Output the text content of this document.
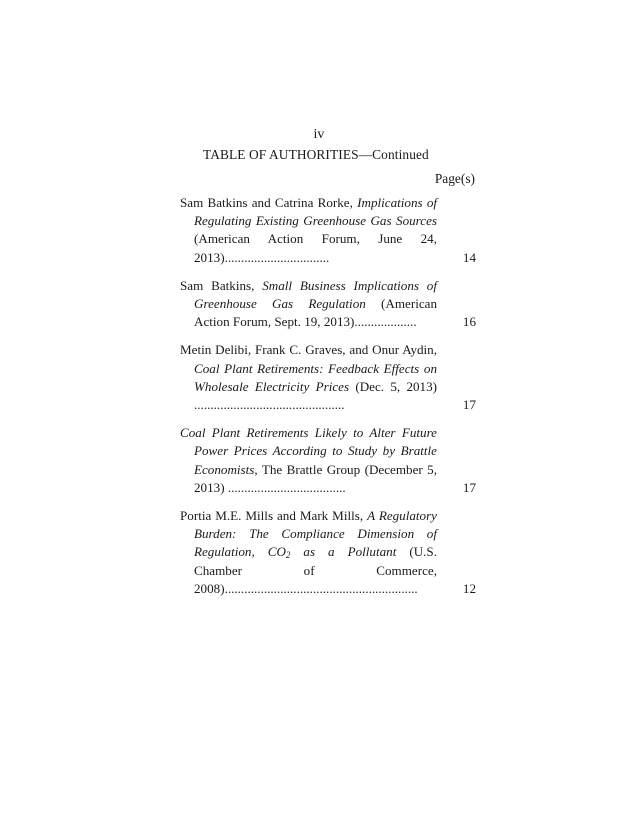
iv
TABLE OF AUTHORITIES—Continued
Page(s)
Sam Batkins and Catrina Rorke, Implications of Regulating Existing Greenhouse Gas Sources (American Action Forum, June 24, 2013)................................	14
Sam Batkins, Small Business Implications of Greenhouse Gas Regulation (American Action Forum, Sept. 19, 2013)...................	16
Metin Delibi, Frank C. Graves, and Onur Aydin, Coal Plant Retirements: Feedback Effects on Wholesale Electricity Prices (Dec. 5, 2013) ..............................................	17
Coal Plant Retirements Likely to Alter Future Power Prices According to Study by Brattle Economists, The Brattle Group (December 5, 2013) ....................................	17
Portia M.E. Mills and Mark Mills, A Regulatory Burden: The Compliance Dimension of Regulation, $CO_2$ as a Pollutant (U.S. Chamber of Commerce, 2008)...........................................................	12
